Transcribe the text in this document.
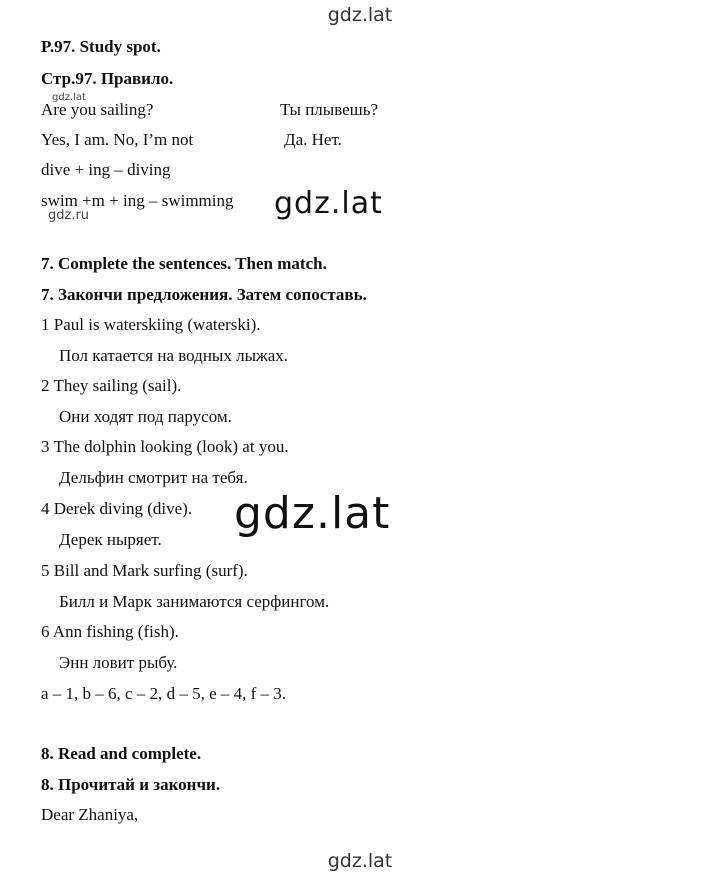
gdz.lat
P.97. Study spot.
Стр.97. Правило.
gdz.lat
Are you sailing?	Ты плывешь?
Yes, I am. No, I’m not	Да. Нет.
dive + ing – diving
swim +m + ing – swimming gdz.lat
gdz.ru
7. Complete the sentences. Then match.
7. Закончи предложения. Затем сопоставь.
1 Paul is waterskiing (waterski).
Пол катается на водных лыжах.
2 They sailing (sail).
Они ходят под парусом.
3 The dolphin looking (look) at you.
Дельфин смотрит на тебя.
4 Derek diving (dive).
Дерек ныряет.
gdz.lat
5 Bill and Mark surfing (surf).
Билл и Марк занимаются серфингом.
6 Ann fishing (fish).
Энн ловит рыбу.
a – 1, b – 6, c – 2, d – 5, e – 4, f – 3.
8. Read and complete.
8. Прочитай и закончи.
Dear Zhaniya,
gdz.lat
